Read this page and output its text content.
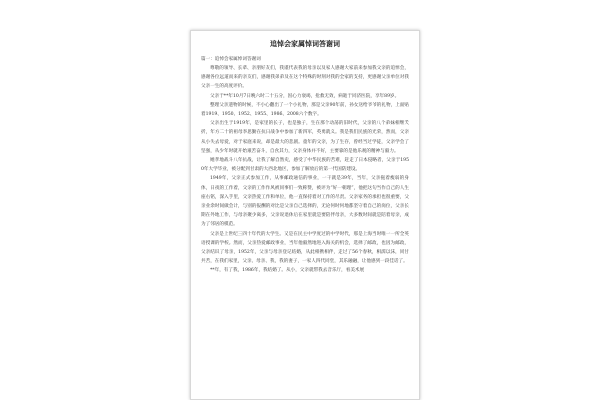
追悼会家属悼词答谢词
篇一：追悼会家属悼词答谢词

尊敬的领导、长辈、亲朋好友们，我谨代表我的母亲以及家人感谢大家前来参加我父亲的追悼会，感谢各位远道而来的亲友们，感谢我弟弟及在这个特殊的时刻对我的全家的支持，更感谢父亲单位对我父亲一生的高度评价。

父亲于**年10月7日晚六时二十五分，因心力衰竭，抢救无效，病逝于同济医院，享年89岁。

整理父亲遗物的时候，不小心翻出了一个小礼物，那是父亲90年前，孙女送给爷爷的礼物，上面贴着1919、1950、1952、1955、1986、2008六个数字。

父亲出生于1919年，是家里的长子，也是独子，生在那个动荡的旧时代，父亲的八个弟妹相继夭折，年方二十的祖母李思勤在抗日战争中参加了新四军，英勇就义。我是我们民族的光荣，然而，父亲从小失去母爱，对于家庭来说，却是最大的悲剧。童年的父亲，为了生存，曾经当过学徒，父亲学会了坚强，从少年时就开始艰苦奋斗，自食其力，父亲身体并不好，主要靠的是他乐观的精神与毅力。

她孝地战斗八年抗战，让我了解自然史，感受了中华民族的苦难，赶走了日本侵略者，父亲于1950年大学毕业，被分配到甘肃的大西北地区，参加了解放后的第一代国防建设。

1949年，父亲正式参加工作，从事邮政通信的事业，一干就是39年，当年，父亲拖着瘦弱的身体，日夜的工作着，父亲的工作作风被同事们一致称赞，被评为“好一朝理”，他把这句当作自己的人生座右铭，深入手里，父亲热爱工作和单位，他一直保持着对工作的尽责。父亲家务的承担也很重要，父亲业余时间做会计，与别的报酬的对比是父亲自己选择的，无论何时何地都坚守着自己的岗位，父亲长期在外地工作，与母亲聚少离多，父亲说退休后在家里就是要陪伴母亲，大多数时间就是陪着母亲，成为了邻居的模范。

父亲是上世纪三四十年代的大学生。又是在民主中学度过的中学时代，那是上海当时唯一一所全英语授课的学校。然而，父亲热爱邮政事业，当年他毅然地进入海关的机会，选择了邮政，也因为邮政，父亲结识了母亲，1952年，父亲与母亲登记结婚，从此相携相伴，走过了56个春秋，相濡以沫，同甘共苦，在我们家里，父亲、母亲、我，我的妻子，一家人四代同堂，其乐融融，让他感到一段佳话了。

**年，有了我，1986年，我结婚了。从小，父亲就带我去音乐厅，看美术展
